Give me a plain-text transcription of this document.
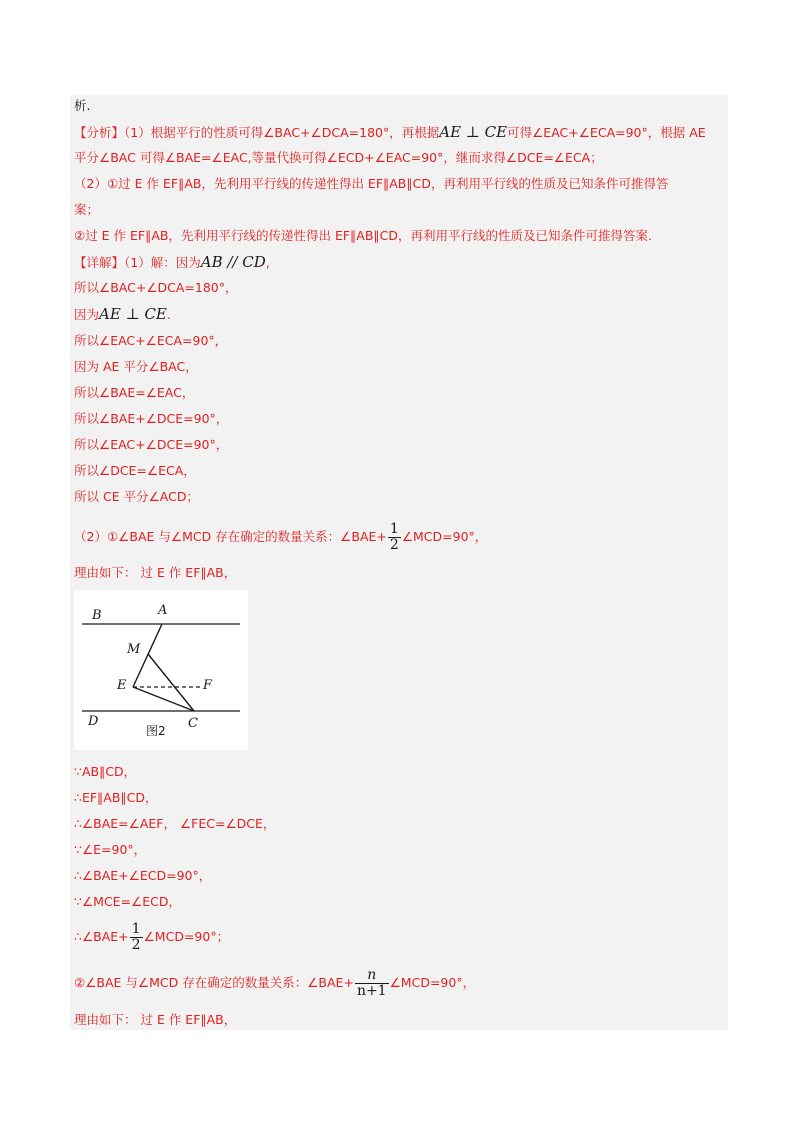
析.
【分析】（1）根据平行的性质可得∠BAC+∠DCA=180°，再根据AE ⊥ CE可得∠EAC+∠ECA=90°，根据 AE
平分∠BAC 可得∠BAE=∠EAC,等量代换可得∠ECD+∠EAC=90°，继而求得∠DCE=∠ECA；
（2）①过 E 作 EF∥AB，先利用平行线的传递性得出 EF∥AB∥CD，再利用平行线的性质及已知条件可推得答
案；
②过 E 作 EF∥AB，先利用平行线的传递性得出 EF∥AB∥CD，再利用平行线的性质及已知条件可推得答案.
【详解】（1）解：因为AB // CD,
所以∠BAC+∠DCA=180°，
因为AE ⊥ CE.
所以∠EAC+∠ECA=90°，
因为 AE 平分∠BAC，
所以∠BAE=∠EAC，
所以∠BAE+∠DCE=90°，
所以∠EAC+∠DCE=90°，
所以∠DCE=∠ECA，
所以 CE 平分∠ACD；
（2）①∠BAE 与∠MCD 存在确定的数量关系：∠BAE+ $\frac{1}{2}$ ∠MCD=90°，
理由如下： 过 E 作 EF∥AB，
B	A
M
E	F
D	C
图2
∵AB∥CD，
∴EF∥AB∥CD，
∴∠BAE=∠AEF， ∠FEC=∠DCE，
∵∠E=90°，
∴∠BAE+∠ECD=90°，
∵∠MCE=∠ECD，
∴∠BAE+ $\frac{1}{2}$ ∠MCD=90°；
②∠BAE 与∠MCD 存在确定的数量关系：∠BAE+ $\frac{n}{n+1}$ ∠MCD=90°，
理由如下： 过 E 作 EF∥AB，
